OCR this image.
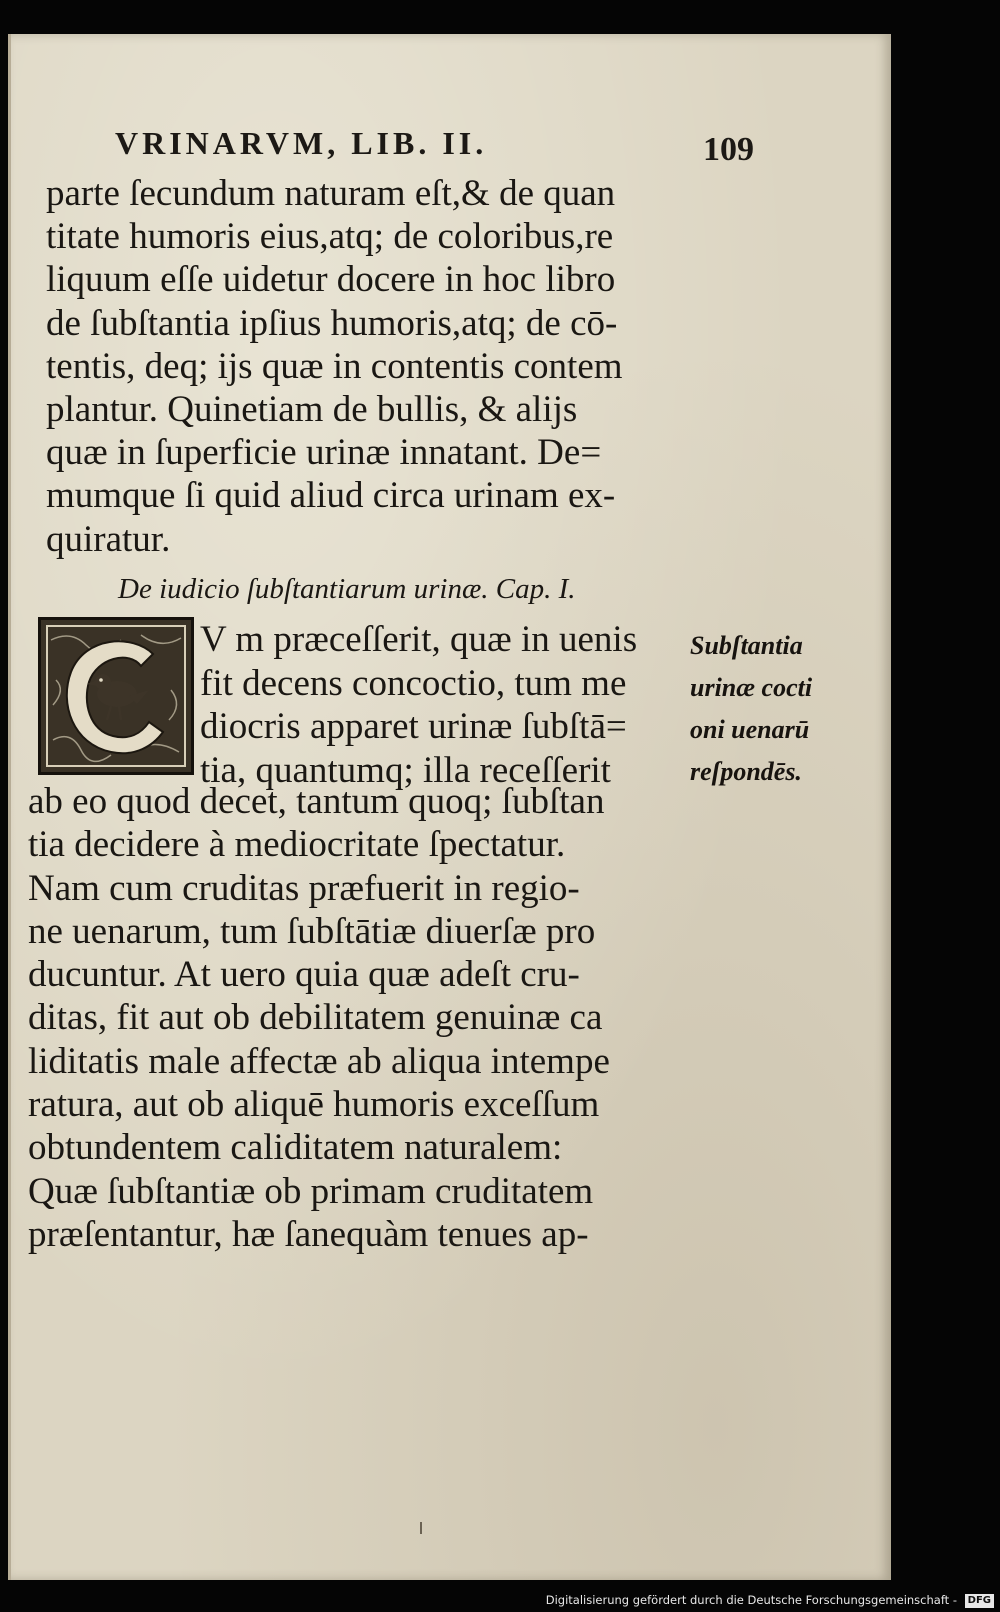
VRINARVM, LIB. II.	109
parte ſecundum naturam eſt,& de quan
titate humoris eius,atq; de coloribus,re
liquum eſſe uidetur docere in hoc libro
de ſubſtantia ipſius humoris,atq; de cō-
tentis, deq; ijs quæ in contentis contem
plantur. Quinetiam de bullis, & alijs
quæ in ſuperficie urinæ innatant. De=
mumque ſi quid aliud circa urinam ex-
quiratur.
De iudicio ſubſtantiarum urinæ. Cap. I.
V m præceſſerit, quæ in uenis
fit decens concoctio, tum me
diocris apparet urinæ ſubſtā=
tia, quantumq; illa receſſerit
ab eo quod decet, tantum quoq; ſubſtan
tia decidere à mediocritate ſpectatur.
Nam cum cruditas præfuerit in regio-
ne uenarum, tum ſubſtātiæ diuerſæ pro
ducuntur. At uero quia quæ adeſt cru-
ditas, fit aut ob debilitatem genuinæ ca
liditatis male affectæ ab aliqua intempe
ratura, aut ob aliquē humoris exceſſum
obtundentem caliditatem naturalem:
Quæ ſubſtantiæ ob primam cruditatem
præſentantur, hæ ſanequàm tenues ap-
Subſtantia
urinæ cocti
oni uenarū
reſpondēs.
Digitalisierung gefördert durch die Deutsche Forschungsgemeinschaft - DFG
